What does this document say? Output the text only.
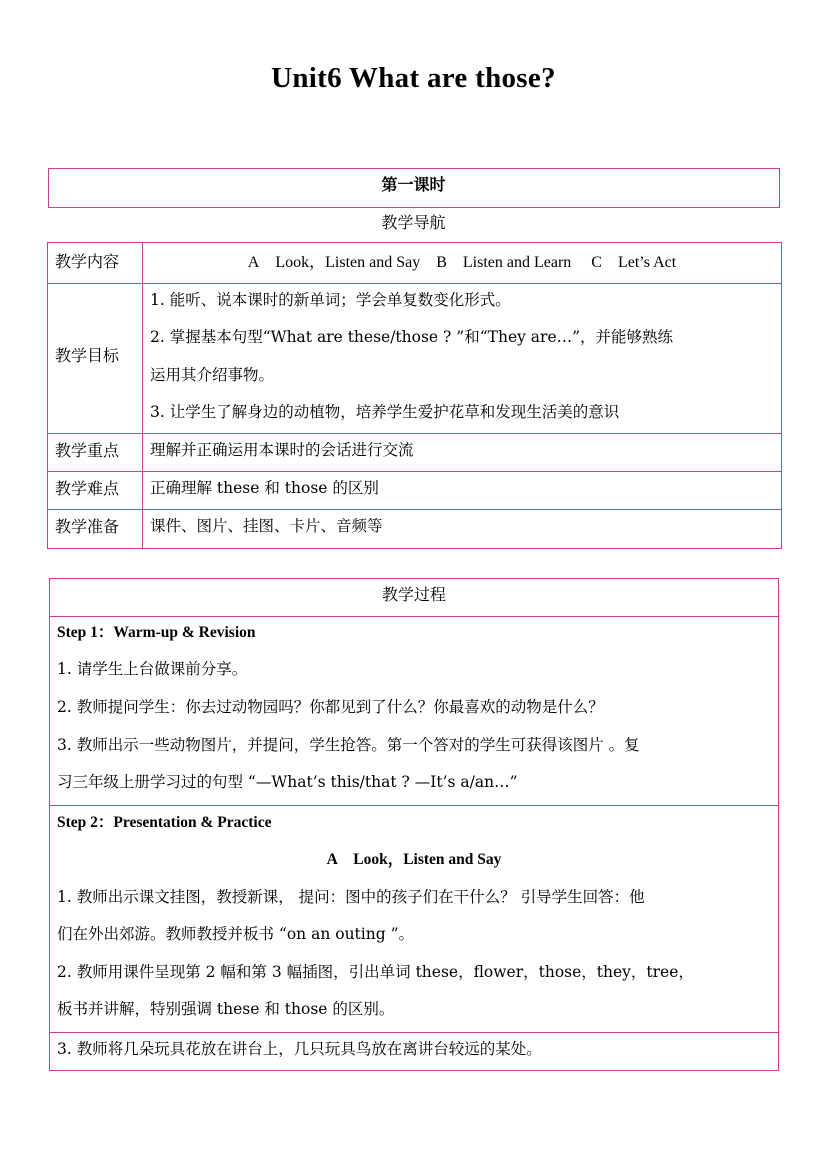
Unit6 What are those?
第一课时
教学导航
教学内容	A Look，Listen and Say B Listen and Learn  C Let’s Act
教学目标
1. 能听、说本课时的新单词；学会单复数变化形式。
2. 掌握基本句型“What are these/those ? ”和“They are…”，并能够熟练
运用其介绍事物。
3. 让学生了解身边的动植物，培养学生爱护花草和发现生活美的意识
教学重点 理解并正确运用本课时的会话进行交流
教学难点 正确理解 these 和 those 的区别
教学准备 课件、图片、挂图、卡片、音频等
教学过程
Step 1：Warm-up & Revision
1. 请学生上台做课前分享。
2. 教师提问学生：你去过动物园吗？你都见到了什么？你最喜欢的动物是什么？
3. 教师出示一些动物图片，并提问，学生抢答。第一个答对的学生可获得该图片 。复
习三年级上册学习过的句型 “—What’s this/that ? —It’s a/an…”
Step 2：Presentation & Practice
A Look，Listen and Say
1. 教师出示课文挂图，教授新课， 提问：图中的孩子们在干什么？ 引导学生回答：他
们在外出郊游。教师教授并板书 “on an outing ”。
2. 教师用课件呈现第 2 幅和第 3 幅插图，引出单词 these，flower，those，they，tree，
板书并讲解，特别强调 these 和 those 的区别。
3. 教师将几朵玩具花放在讲台上，几只玩具鸟放在离讲台较远的某处。
